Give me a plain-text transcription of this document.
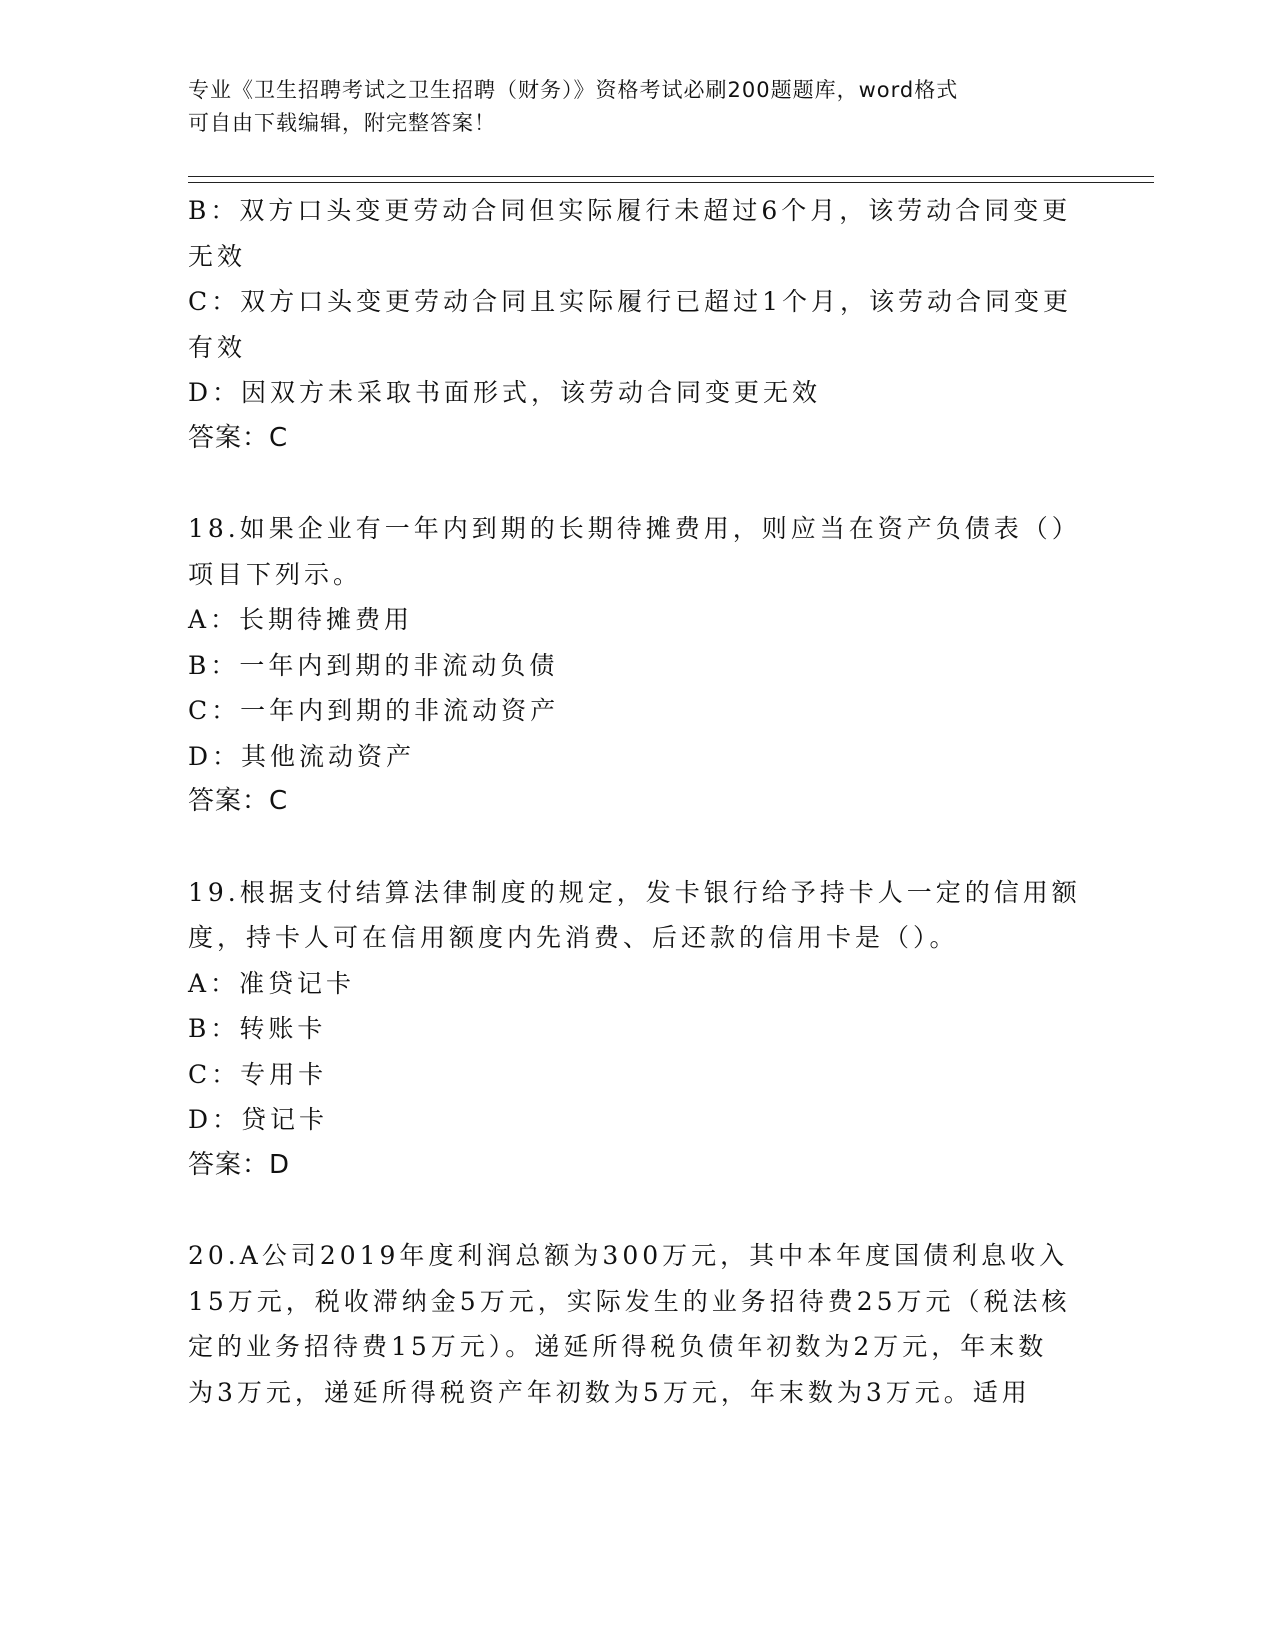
专业《卫生招聘考试之卫生招聘（财务）》资格考试必刷200题题库，word格式
可自由下载编辑，附完整答案！
B：双方口头变更劳动合同但实际履行未超过6个月，该劳动合同变更
无效
C：双方口头变更劳动合同且实际履行已超过1个月，该劳动合同变更
有效
D：因双方未采取书面形式，该劳动合同变更无效
答案：C
18.如果企业有一年内到期的长期待摊费用，则应当在资产负债表（）
项目下列示。
A：长期待摊费用
B：一年内到期的非流动负债
C：一年内到期的非流动资产
D：其他流动资产
答案：C
19.根据支付结算法律制度的规定，发卡银行给予持卡人一定的信用额
度，持卡人可在信用额度内先消费、后还款的信用卡是（）。
A：准贷记卡
B：转账卡
C：专用卡
D：贷记卡
答案：D
20.A公司2019年度利润总额为300万元，其中本年度国债利息收入
15万元，税收滞纳金5万元，实际发生的业务招待费25万元（税法核
定的业务招待费15万元）。递延所得税负债年初数为2万元，年末数
为3万元，递延所得税资产年初数为5万元，年末数为3万元。适用
